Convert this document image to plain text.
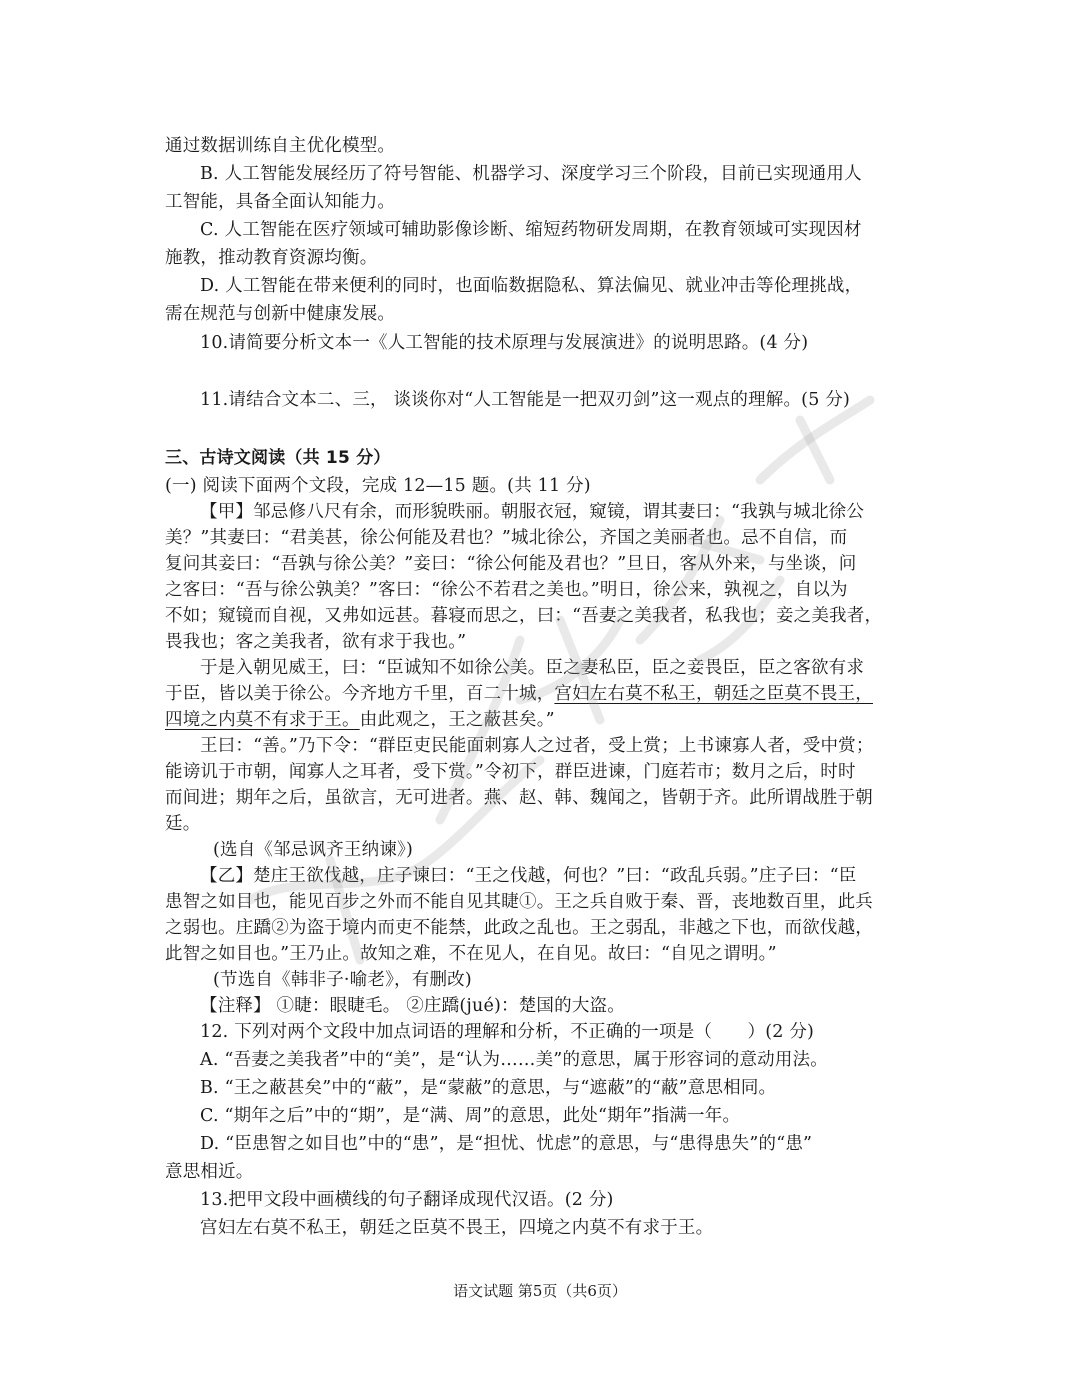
通过数据训练自主优化模型。
B. 人工智能发展经历了符号智能、机器学习、深度学习三个阶段，目前已实现通用人
工智能，具备全面认知能力。
C. 人工智能在医疗领域可辅助影像诊断、缩短药物研发周期，在教育领域可实现因材
施教，推动教育资源均衡。
D. 人工智能在带来便利的同时，也面临数据隐私、算法偏见、就业冲击等伦理挑战，
需在规范与创新中健康发展。
10.请简要分析文本一《人工智能的技术原理与发展演进》的说明思路。(4 分)
11.请结合文本二、三， 谈谈你对“人工智能是一把双刃剑”这一观点的理解。(5 分)
三、古诗文阅读（共 15 分）
(一) 阅读下面两个文段，完成 12—15 题。(共 11 分)
【甲】邹忌修八尺有余，而形貌昳丽。朝服衣冠，窥镜，谓其妻曰：“我孰与城北徐公
美？”其妻曰：“君美甚，徐公何能及君也？”城北徐公，齐国之美丽者也。忌不自信，而
复问其妾曰：“吾孰与徐公美？”妾曰：“徐公何能及君也？”旦日，客从外来，与坐谈，问
之客曰：“吾与徐公孰美？”客曰：“徐公不若君之美也。”明日，徐公来，孰视之，自以为
不如；窥镜而自视，又弗如远甚。暮寝而思之，曰：“吾妻之美我者，私我也；妾之美我者，
畏我也；客之美我者，欲有求于我也。”
于是入朝见威王，曰：“臣诚知不如徐公美。臣之妻私臣，臣之妾畏臣，臣之客欲有求
于臣，皆以美于徐公。今齐地方千里，百二十城，宫妇左右莫不私王，朝廷之臣莫不畏王，
四境之内莫不有求于王。由此观之，王之蔽甚矣。”
王曰：“善。”乃下令：“群臣吏民能面刺寡人之过者，受上赏；上书谏寡人者，受中赏；
能谤讥于市朝，闻寡人之耳者，受下赏。”令初下，群臣进谏，门庭若市；数月之后，时时
而间进；期年之后，虽欲言，无可进者。燕、赵、韩、魏闻之，皆朝于齐。此所谓战胜于朝
廷。
(选自《邹忌讽齐王纳谏》)
【乙】楚庄王欲伐越，庄子谏曰：“王之伐越，何也？”曰：“政乱兵弱。”庄子曰：“臣
患智之如目也，能见百步之外而不能自见其睫①。王之兵自败于秦、晋，丧地数百里，此兵
之弱也。庄蹻②为盗于境内而吏不能禁，此政之乱也。王之弱乱，非越之下也，而欲伐越，
此智之如目也。”王乃止。故知之难，不在见人，在自见。故曰：“自见之谓明。”
(节选自《韩非子·喻老》，有删改)
【注释】 ①睫：眼睫毛。 ②庄蹻(jué)：楚国的大盗。
12. 下列对两个文段中加点词语的理解和分析，不正确的一项是（　　）(2 分)
A. “吾妻之美我者”中的“美”，是“认为……美”的意思，属于形容词的意动用法。
B. “王之蔽甚矣”中的“蔽”，是“蒙蔽”的意思，与“遮蔽”的“蔽”意思相同。
C. “期年之后”中的“期”，是“满、周”的意思，此处“期年”指满一年。
D. “臣患智之如目也”中的“患”，是“担忧、忧虑”的意思，与“患得患失”的“患”
意思相近。
13.把甲文段中画横线的句子翻译成现代汉语。(2 分)
宫妇左右莫不私王，朝廷之臣莫不畏王，四境之内莫不有求于王。
语文试题 第5页（共6页）
